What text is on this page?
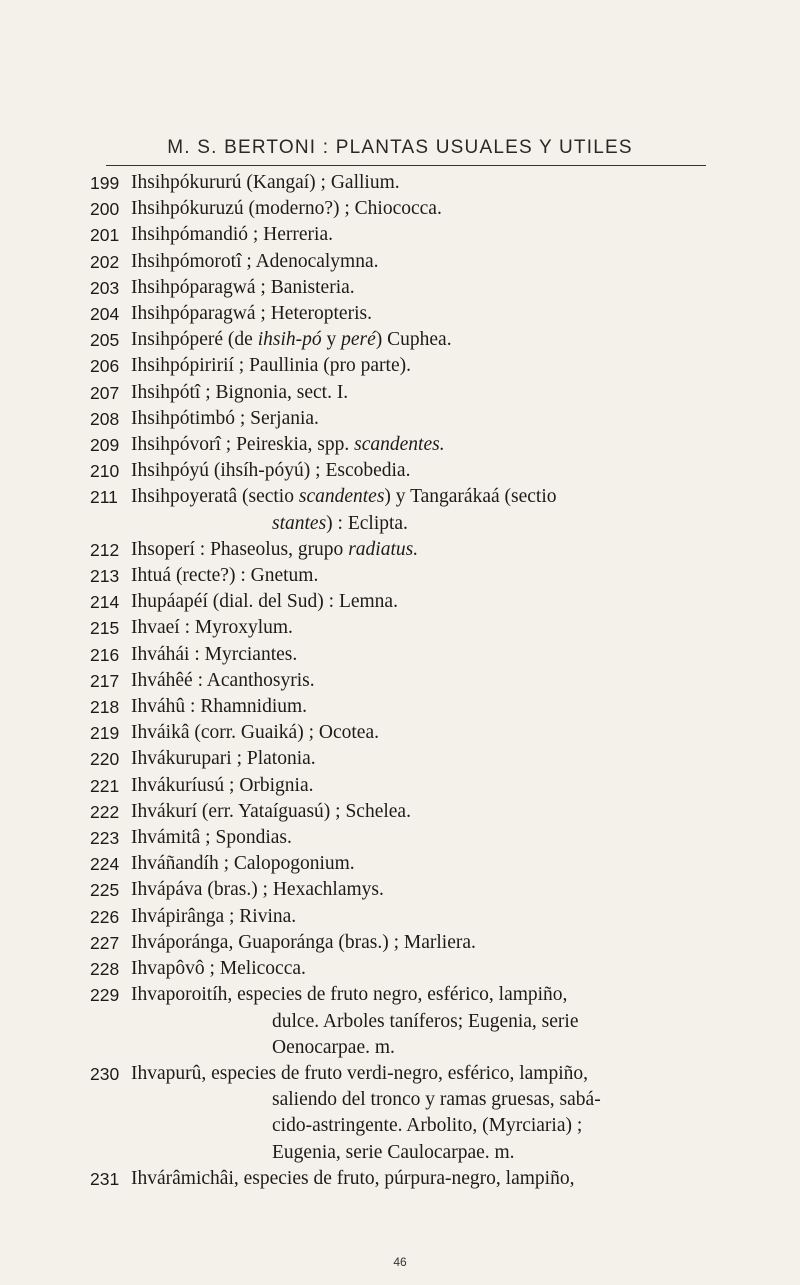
M. S. BERTONI : PLANTAS USUALES Y UTILES
199 Ihsihpókururú (Kangaí) ; Gallium.
200 Ihsihpókuruzú (moderno?) ; Chiococca.
201 Ihsihpómandió ; Herreria.
202 Ihsihpómorotî ; Adenocalymna.
203 Ihsihpóparagwá ; Banisteria.
204 Ihsihpóparagwá ; Heteropteris.
205 Insihpóperé (de ihsih-pó y peré) Cuphea.
206 Ihsihpópiririí ; Paullinia (pro parte).
207 Ihsihpótî ; Bignonia, sect. I.
208 Ihsihpótimbó ; Serjania.
209 Ihsihpóvorî ; Peireskia, spp. scandentes.
210 Ihsihpóyú (ihsíh-póyú) ; Escobedia.
211 Ihsihpoyeratâ (sectio scandentes) y Tangarákaá (sectio
stantes) : Eclipta.
212 Ihsoperí : Phaseolus, grupo radiatus.
213 Ihtuá (recte?) : Gnetum.
214 Ihupáapéí (dial. del Sud) : Lemna.
215 Ihvaeí : Myroxylum.
216 Ihváhái : Myrciantes.
217 Ihváhêé : Acanthosyris.
218 Ihváhû : Rhamnidium.
219 Ihváikâ (corr. Guaiká) ; Ocotea.
220 Ihvákurupari ; Platonia.
221 Ihvákuríusú ; Orbignia.
222 Ihvákurí (err. Yataíguasú) ; Schelea.
223 Ihvámitâ ; Spondias.
224 Ihváñandíh ; Calopogonium.
225 Ihvápáva (bras.) ; Hexachlamys.
226 Ihvápirânga ; Rivina.
227 Ihváporánga, Guaporánga (bras.) ; Marliera.
228 Ihvapôvô ; Melicocca.
229 Ihvaporoitíh, especies de fruto negro, esférico, lampiño,
dulce. Arboles taníferos; Eugenia, serie
Oenocarpae. m.
230 Ihvapurû, especies de fruto verdi-negro, esférico, lampiño,
saliendo del tronco y ramas gruesas, sabá-
cido-astringente. Arbolito, (Myrciaria) ;
Eugenia, serie Caulocarpae. m.
231 Ihvárâmichâi, especies de fruto, púrpura-negro, lampiño,
46
